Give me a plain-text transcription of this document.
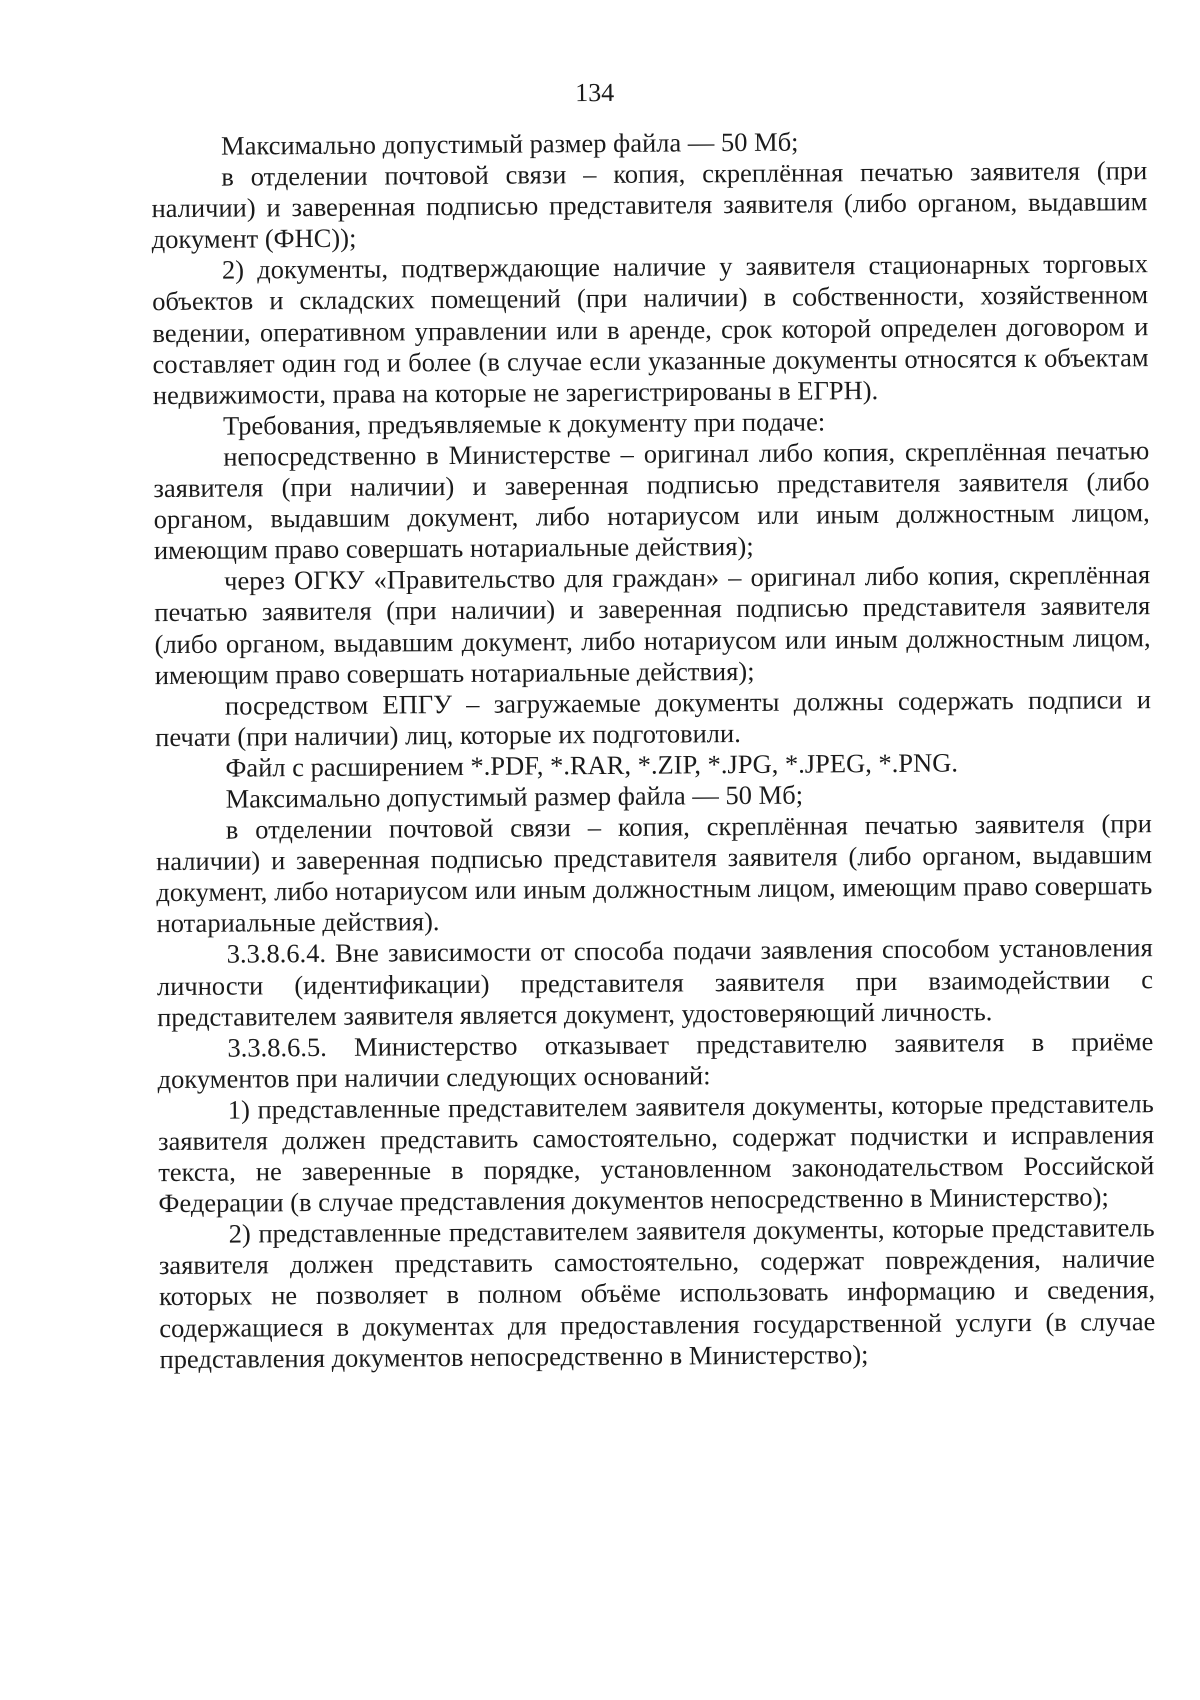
134

Максимально допустимый размер файла — 50 Мб;

в отделении почтовой связи – копия, скреплённая печатью заявителя (при наличии) и заверенная подписью представителя заявителя (либо органом, выдавшим документ (ФНС));

2) документы, подтверждающие наличие у заявителя стационарных торговых объектов и складских помещений (при наличии) в собственности, хозяйственном ведении, оперативном управлении или в аренде, срок которой определен договором и составляет один год и более (в случае если указанные документы относятся к объектам недвижимости, права на которые не зарегистрированы в ЕГРН).

Требования, предъявляемые к документу при подаче:

непосредственно в Министерстве – оригинал либо копия, скреплённая печатью заявителя (при наличии) и заверенная подписью представителя заявителя (либо органом, выдавшим документ, либо нотариусом или иным должностным лицом, имеющим право совершать нотариальные действия);

через ОГКУ «Правительство для граждан» – оригинал либо копия, скреплённая печатью заявителя (при наличии) и заверенная подписью представителя заявителя (либо органом, выдавшим документ, либо нотариусом или иным должностным лицом, имеющим право совершать нотариальные действия);

посредством ЕПГУ – загружаемые документы должны содержать подписи и печати (при наличии) лиц, которые их подготовили.

Файл с расширением *.PDF, *.RAR, *.ZIP, *.JPG, *.JPEG, *.PNG.

Максимально допустимый размер файла — 50 Мб;

в отделении почтовой связи – копия, скреплённая печатью заявителя (при наличии) и заверенная подписью представителя заявителя (либо органом, выдавшим документ, либо нотариусом или иным должностным лицом, имеющим право совершать нотариальные действия).

3.3.8.6.4. Вне зависимости от способа подачи заявления способом установления личности (идентификации) представителя заявителя при взаимодействии с представителем заявителя является документ, удостоверяющий личность.

3.3.8.6.5. Министерство отказывает представителю заявителя в приёме документов при наличии следующих оснований:

1) представленные представителем заявителя документы, которые представитель заявителя должен представить самостоятельно, содержат подчистки и исправления текста, не заверенные в порядке, установленном законодательством Российской Федерации (в случае представления документов непосредственно в Министерство);

2) представленные представителем заявителя документы, которые представитель заявителя должен представить самостоятельно, содержат повреждения, наличие которых не позволяет в полном объёме использовать информацию и сведения, содержащиеся в документах для предоставления государственной услуги (в случае представления документов непосредственно в Министерство);
